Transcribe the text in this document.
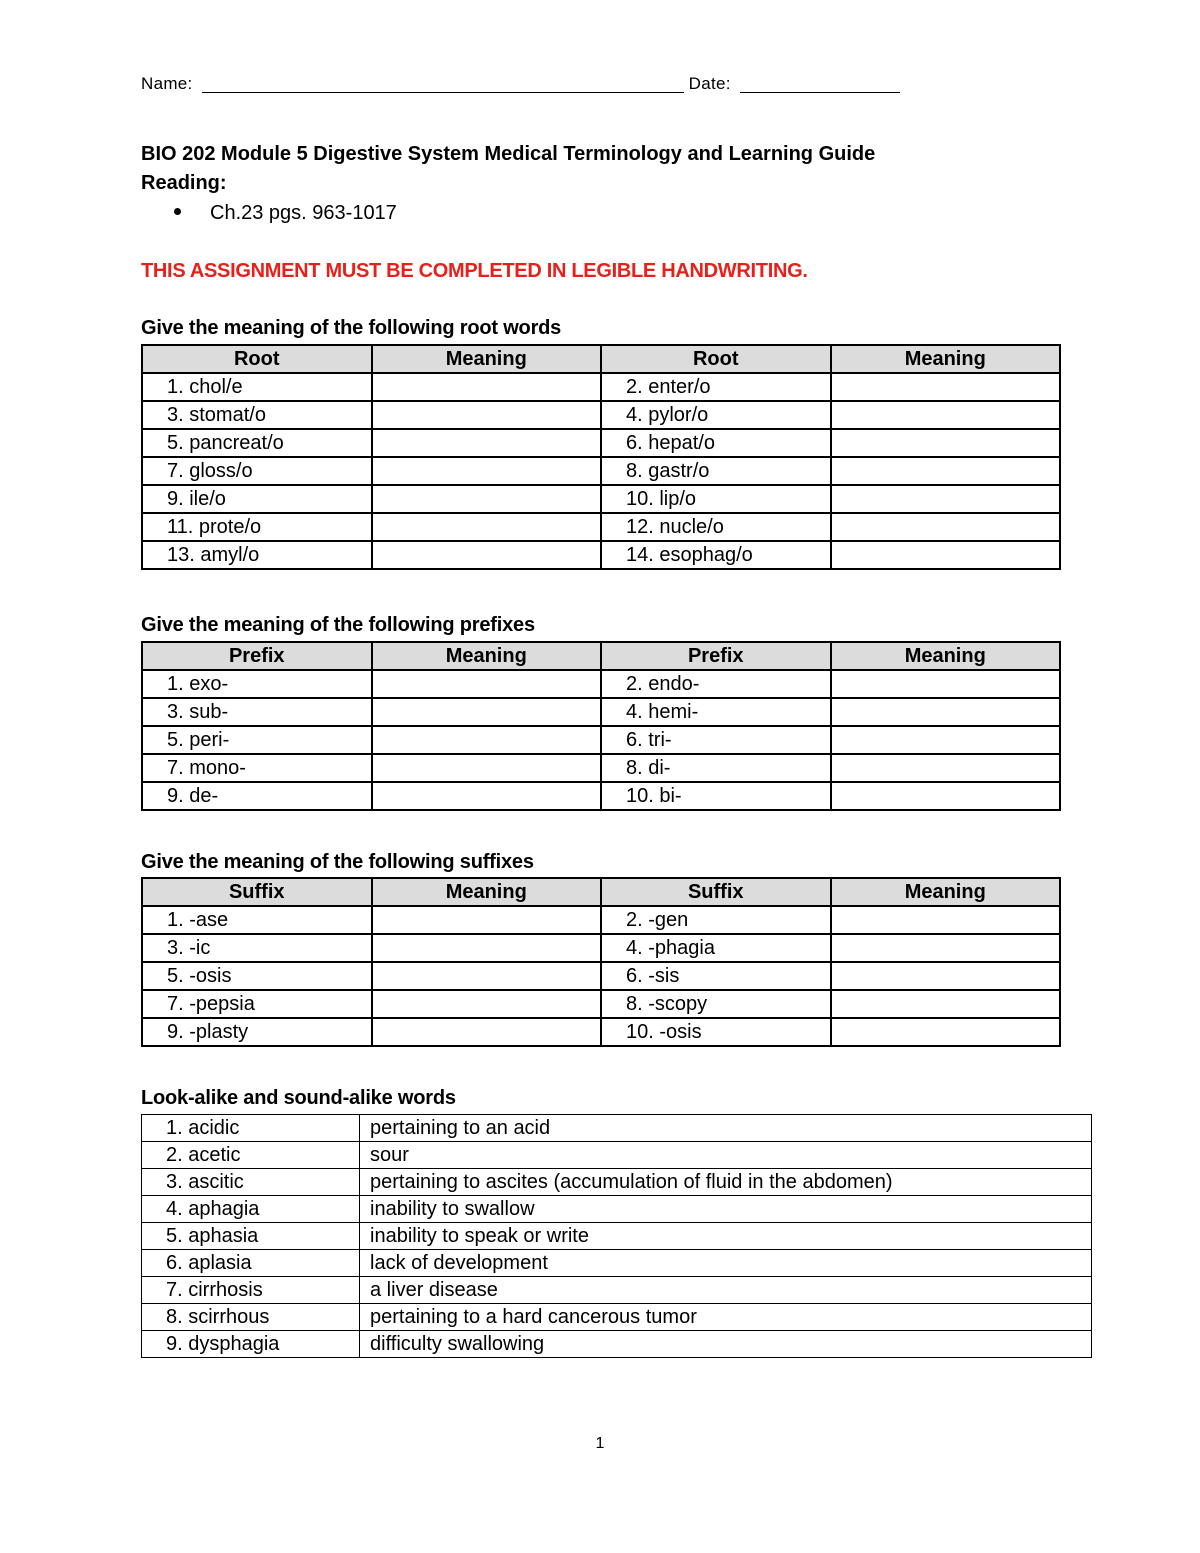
Name:	Date:
BIO 202 Module 5 Digestive System Medical Terminology and Learning Guide
Reading:
Ch.23 pgs. 963-1017
THIS ASSIGNMENT MUST BE COMPLETED IN LEGIBLE HANDWRITING.
Give the meaning of the following root words
Root	Meaning	Root	Meaning
1. chol/e		2. enter/o	
3. stomat/o		4. pylor/o	
5. pancreat/o		6. hepat/o	
7. gloss/o		8. gastr/o	
9. ile/o		10. lip/o	
11. prote/o		12. nucle/o	
13. amyl/o		14. esophag/o	
Give the meaning of the following prefixes
Prefix	Meaning	Prefix	Meaning
1. exo-		2. endo-	
3. sub-		4. hemi-	
5. peri-		6. tri-	
7. mono-		8. di-	
9. de-		10. bi-	
Give the meaning of the following suffixes
Suffix	Meaning	Suffix	Meaning
1. -ase		2. -gen	
3. -ic		4. -phagia	
5. -osis		6. -sis	
7. -pepsia		8. -scopy	
9. -plasty		10. -osis	
Look-alike and sound-alike words
1. acidic	pertaining to an acid
2. acetic	sour
3. ascitic	pertaining to ascites (accumulation of fluid in the abdomen)
4. aphagia	inability to swallow
5. aphasia	inability to speak or write
6. aplasia	lack of development
7. cirrhosis	a liver disease
8. scirrhous	pertaining to a hard cancerous tumor
9. dysphagia	difficulty swallowing
1
